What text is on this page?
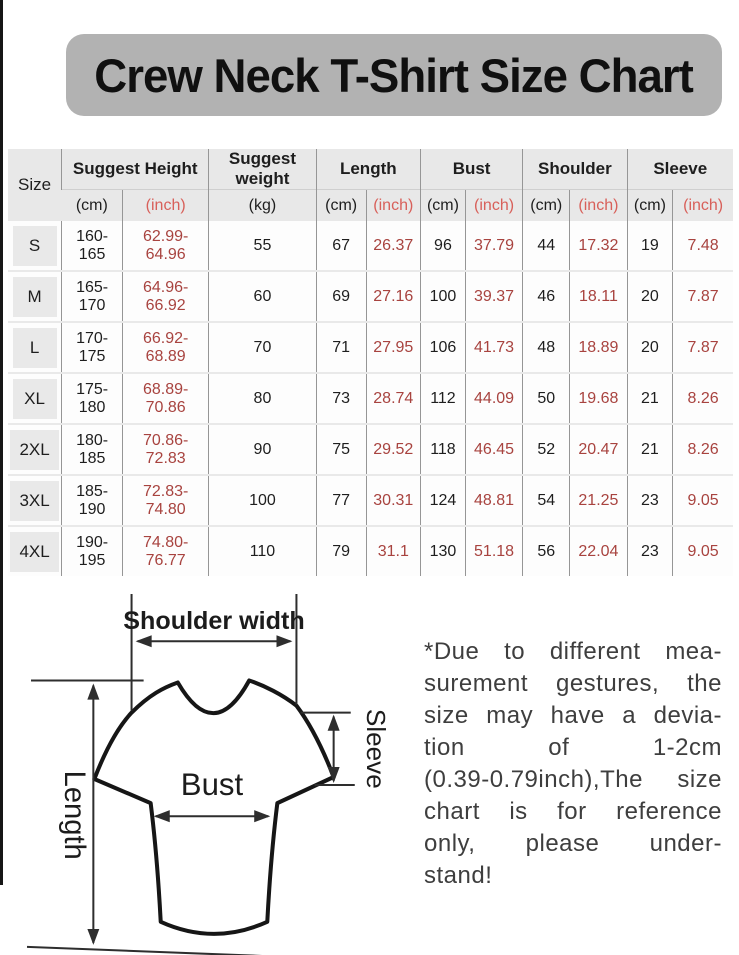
Crew Neck T-Shirt Size Chart
Size	Suggest Height		Suggest weight	Length		Bust		Shoulder		Sleeve	
	(cm)	(inch)	(kg)	(cm)	(inch)	(cm)	(inch)	(cm)	(inch)	(cm)	(inch)
S	160-165	62.99-64.96	55	67	26.37	96	37.79	44	17.32	19	7.48
M	165-170	64.96-66.92	60	69	27.16	100	39.37	46	18.11	20	7.87
L	170-175	66.92-68.89	70	71	27.95	106	41.73	48	18.89	20	7.87
XL	175-180	68.89-70.86	80	73	28.74	112	44.09	50	19.68	21	8.26
2XL	180-185	70.86-72.83	90	75	29.52	118	46.45	52	20.47	21	8.26
3XL	185-190	72.83-74.80	100	77	30.31	124	48.81	54	21.25	23	9.05
4XL	190-195	74.80-76.77	110	79	31.1	130	51.18	56	22.04	23	9.05
Shoulder width
Length	Bust	Sleeve
*Due to different mea-
surement gestures, the
size may have a devia-
tion of 1-2cm
(0.39-0.79inch),The size
chart is for reference
only, please under-
stand!
